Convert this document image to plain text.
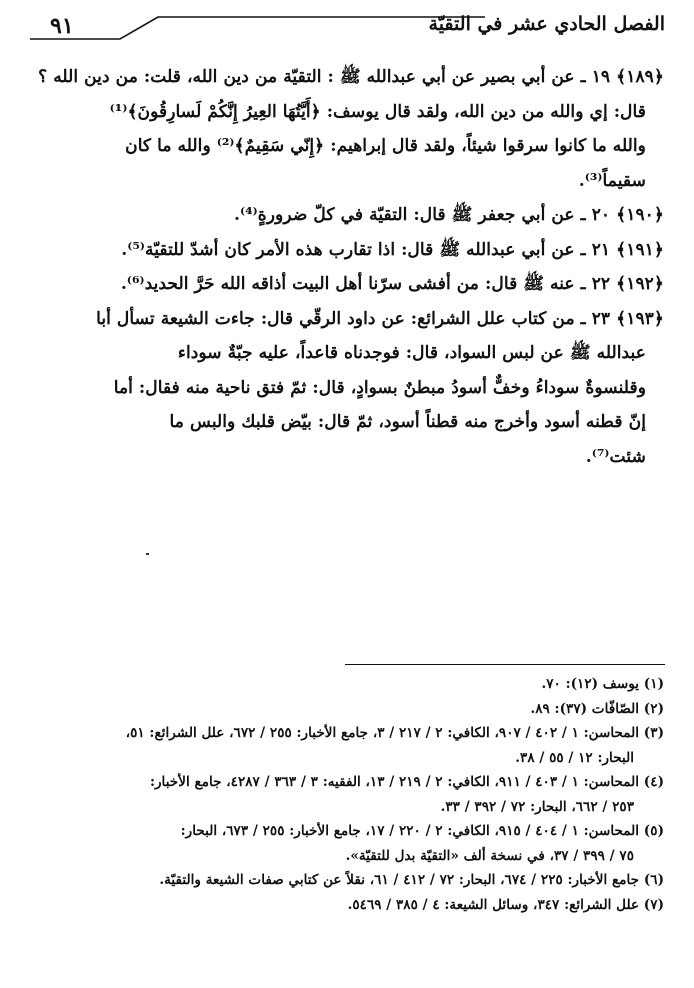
الفصل الحادي عشر في التقيّة
٩١
﴿١٨٩﴾ ١٩ ـ عن أبي بصير عن أبي عبدالله ﷺ : التقيّة من دين الله، قلت: من دين الله ؟
قال: إي والله من دين الله، ولقد قال يوسف: ﴿أَيَّتُهَا العِيرُ إِنَّكُمْ لَسارِقُونَ﴾⁽¹⁾
والله ما كانوا سرقوا شيئاً، ولقد قال إبراهيم: ﴿إِنّي سَقِيمٌ﴾⁽²⁾ والله ما كان
سقيماً⁽³⁾.
﴿١٩٠﴾ ٢٠ ـ عن أبي جعفر ﷺ قال: التقيّة في كلّ ضرورةٍ⁽⁴⁾.
﴿١٩١﴾ ٢١ ـ عن أبي عبدالله ﷺ قال: اذا تقارب هذه الأمر كان أشدّ للتقيّة⁽⁵⁾.
﴿١٩٢﴾ ٢٢ ـ عنه ﷺ قال: من أفشى سرّنا أهل البيت أذاقه الله حَرَّ الحديد⁽⁶⁾.
﴿١٩٣﴾ ٢٣ ـ من كتاب علل الشرائع: عن داود الرقّي قال: جاءت الشيعة تسأل أبا
عبدالله ﷺ عن لبس السواد، قال: فوجدناه قاعداً، عليه جبّةٌ سوداء
وقلنسوةٌ سوداءُ وخفٌّ أسودُ مبطنٌ بسوادٍ، قال: ثمّ فتق ناحية منه فقال: أما
إنّ قطنه أسود وأخرج منه قطناً أسود، ثمّ قال: بيّض قلبك والبس ما
شئت⁽⁷⁾.
(١) يوسف (١٢): ٧٠.
(٢) الصّافّات (٣٧): ٨٩.
(٣) المحاسن: ١ / ٤٠٢ / ٩٠٧، الكافي: ٢ / ٢١٧ / ٣، جامع الأخبار: ٢٥٥ / ٦٧٢، علل الشرائع: ٥١،
البحار: ١٢ / ٥٥ / ٣٨.
(٤) المحاسن: ١ / ٤٠٣ / ٩١١، الكافي: ٢ / ٢١٩ / ١٣، الفقيه: ٣ / ٣٦٣ / ٤٢٨٧، جامع الأخبار:
٢٥٣ / ٦٦٢، البحار: ٧٢ / ٣٩٢ / ٣٣.
(٥) المحاسن: ١ / ٤٠٤ / ٩١٥، الكافي: ٢ / ٢٢٠ / ١٧، جامع الأخبار: ٢٥٥ / ٦٧٣، البحار:
٧٥ / ٣٩٩ / ٣٧، في نسخة ألف «التقيّة بدل للتقيّة».
(٦) جامع الأخبار: ٢٢٥ / ٦٧٤، البحار: ٧٢ / ٤١٢ / ٦١، نقلاً عن كتابي صفات الشيعة والتقيّة.
(٧) علل الشرائع: ٣٤٧، وسائل الشيعة: ٤ / ٣٨٥ / ٥٤٦٩.
